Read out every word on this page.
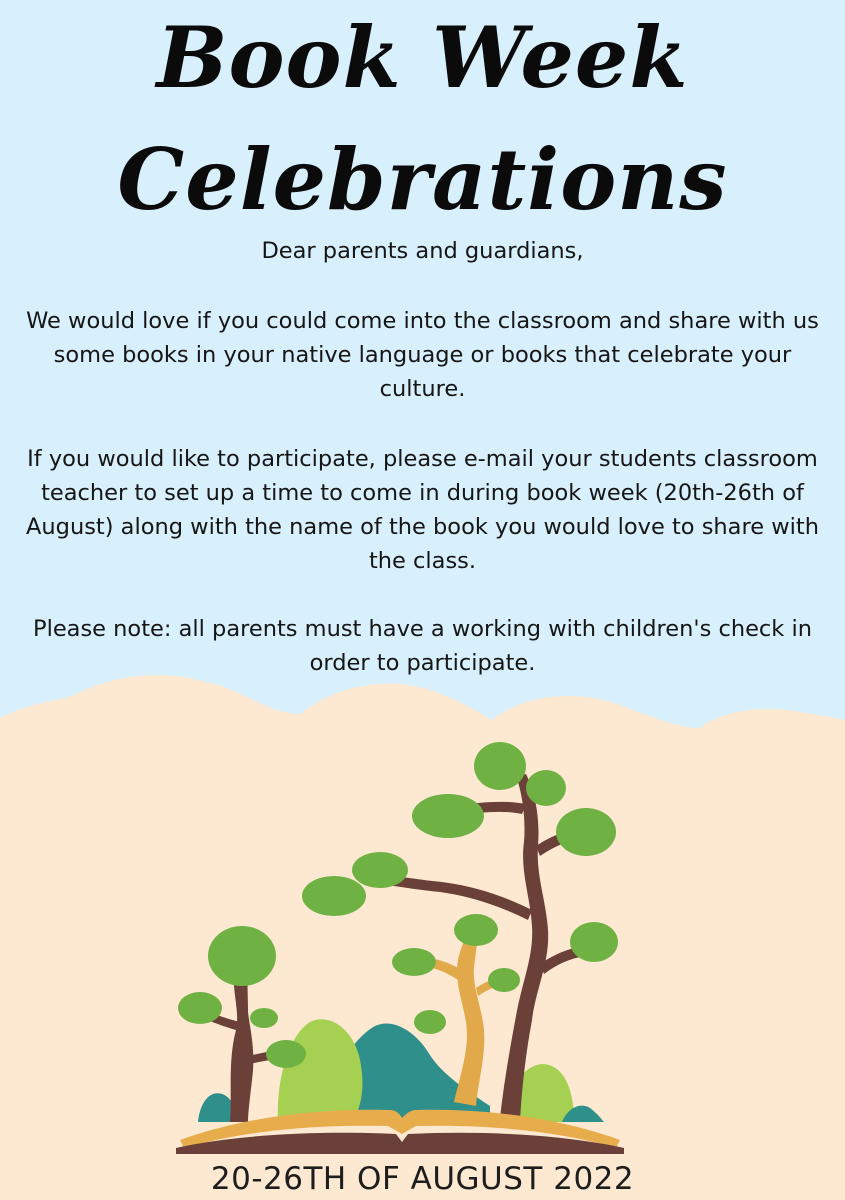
Book Week
Celebrations

Dear parents and guardians,

We would love if you could come into the classroom and share with us some books in your native language or books that celebrate your culture.

If you would like to participate, please e-mail your students classroom teacher to set up a time to come in during book week (20th-26th of August) along with the name of the book you would love to share with the class.

Please note: all parents must have a working with children's check in order to participate.

20-26TH OF AUGUST 2022
